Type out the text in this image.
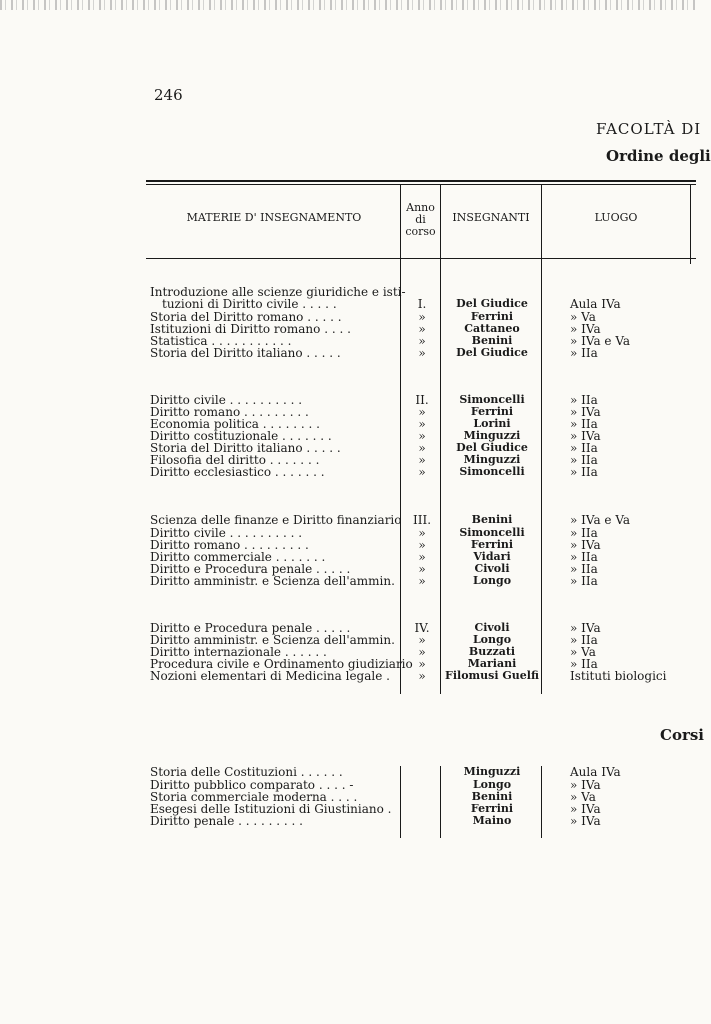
246
FACOLTÀ DI
Ordine degli
MATERIE D' INSEGNAMENTO
Anno
di
corso
INSEGNANTI	LUOGO
Introduzione alle scienze giuridiche e isti-
tuzioni di Diritto civile . . . . .	I.	Del Giudice	Aula IVa
Storia del Diritto romano . . . . .	»	Ferrini	» Va
Istituzioni di Diritto romano . . . .	»	Cattaneo	» IVa
Statistica . . . . . . . . . . .	»	Benini	» IVa e Va
Storia del Diritto italiano . . . . .	»	Del Giudice	» IIa
Diritto civile . . . . . . . . . .	II.	Simoncelli	» IIa
Diritto romano . . . . . . . . .	»	Ferrini	» IVa
Economia politica . . . . . . . .	»	Lorini	» IIa
Diritto costituzionale . . . . . . .	»	Minguzzi	» IVa
Storia del Diritto italiano . . . . .	»	Del Giudice	» IIa
Filosofia del diritto . . . . . . .	»	Minguzzi	» IIa
Diritto ecclesiastico . . . . . . .	»	Simoncelli	» IIa
Scienza delle finanze e Diritto finanziario III.	Benini	» IVa e Va
Diritto civile . . . . . . . . . .	»	Simoncelli	» IIa
Diritto romano . . . . . . . . .	»	Ferrini	» IVa
Diritto commerciale . . . . . . .	»	Vidari	» IIa
Diritto e Procedura penale . . . . .	»	Civoli	» IIa
Diritto amministr. e Scienza dell'ammin.	»	Longo	» IIa
Diritto e Procedura penale . . . . .	IV.	Civoli	» IVa
Diritto amministr. e Scienza dell'ammin.	»	Longo	» IIa
Diritto internazionale . . . . . .	»	Buzzati	» Va
Procedura civile e Ordinamento giudiziario »	Mariani	» IIa
Nozioni elementari di Medicina legale .	»	Filomusi Guelfi	Istituti biologici
Corsi
Storia delle Costituzioni . . . . . .	Minguzzi	Aula IVa
Diritto pubblico comparato . . . . -	Longo	» IVa
Storia commerciale moderna . . . .	Benini	» Va
Esegesi delle Istituzioni di Giustiniano .	Ferrini	» IVa
Diritto penale . . . . . . . . .	Maino	» IVa
